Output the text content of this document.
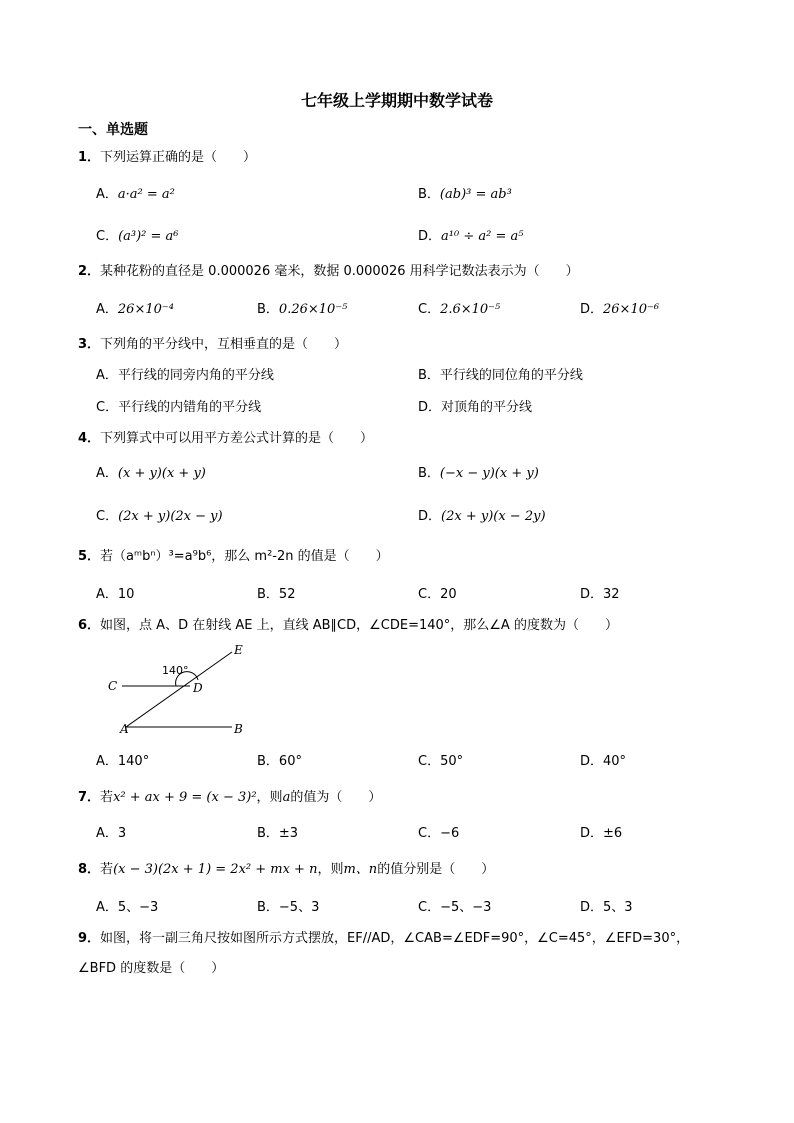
七年级上学期期中数学试卷
一、单选题
1．下列运算正确的是（　　）
A．a·a² = a²	B．(ab)³ = ab³
C．(a³)² = a⁶	D．a¹⁰ ÷ a² = a⁵
2．某种花粉的直径是 0.000026 毫米，数据 0.000026 用科学记数法表示为（　　）
A．26×10⁻⁴	B．0.26×10⁻⁵	C．2.6×10⁻⁵	D．26×10⁻⁶
3．下列角的平分线中，互相垂直的是（　　）
A．平行线的同旁内角的平分线	B．平行线的同位角的平分线
C．平行线的内错角的平分线	D．对顶角的平分线
4．下列算式中可以用平方差公式计算的是（　　）
A．(x + y)(x + y)	B．(−x − y)(x + y)
C．(2x + y)(2x − y)	D．(2x + y)(x − 2y)
5．若（aᵐbⁿ）³=a⁹b⁶，那么 m²-2n 的值是（　　）
A．10	B．52	C．20	D．32
6．如图，点 A、D 在射线 AE 上，直线 AB∥CD，∠CDE=140°，那么∠A 的度数为（　　）
E
C	D
A	B
140°
A．140°	B．60°	C．50°	D．40°
7．若x² + ax + 9 = (x − 3)²，则a的值为（　　）
A．3	B．±3	C．−6	D．±6
8．若(x − 3)(2x + 1) = 2x² + mx + n，则m、n的值分别是（　　）
A．5、−3	B．−5、3	C．−5、−3	D．5、3
9．如图，将一副三角尺按如图所示方式摆放，EF//AD，∠CAB=∠EDF=90°，∠C=45°，∠EFD=30°，
∠BFD 的度数是（　　）
